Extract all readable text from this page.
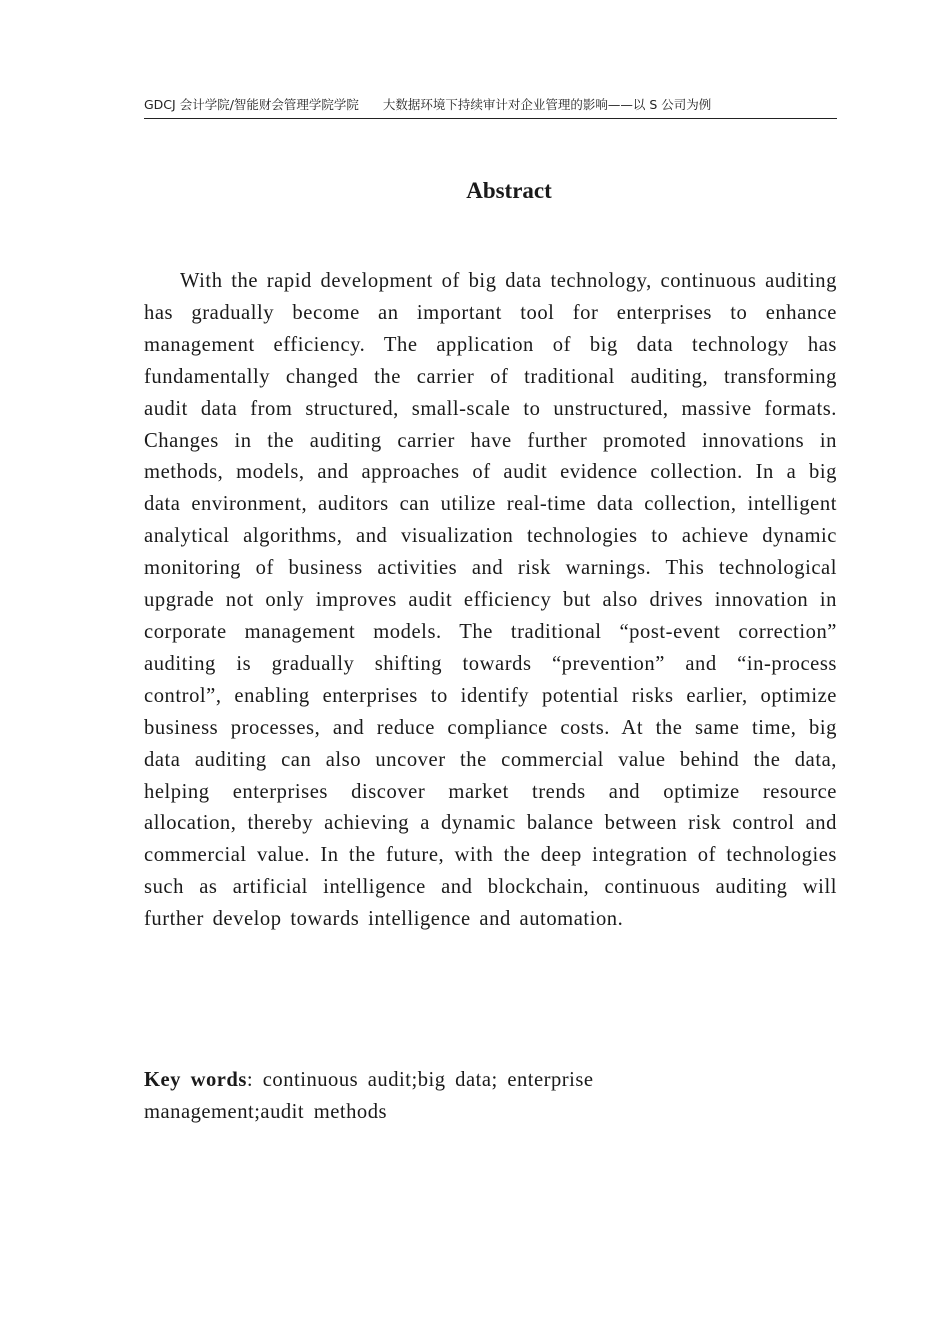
GDCJ 会计学院/智能财会管理学院学院 大数据环境下持续审计对企业管理的影响——以 S 公司为例
Abstract

With the rapid development of big data technology, continuous auditing has gradually become an important tool for enterprises to enhance management efficiency. The application of big data technology has fundamentally changed the carrier of traditional auditing, transforming audit data from structured, small-scale to unstructured, massive formats. Changes in the auditing carrier have further promoted innovations in methods, models, and approaches of audit evidence collection. In a big data environment, auditors can utilize real-time data collection, intelligent analytical algorithms, and visualization technologies to achieve dynamic monitoring of business activities and risk warnings. This technological upgrade not only improves audit efficiency but also drives innovation in corporate management models. The traditional “post-event correction” auditing is gradually shifting towards “prevention” and “in-process control”, enabling enterprises to identify potential risks earlier, optimize business processes, and reduce compliance costs. At the same time, big data auditing can also uncover the commercial value behind the data, helping enterprises discover market trends and optimize resource allocation, thereby achieving a dynamic balance between risk control and commercial value. In the future, with the deep integration of technologies such as artificial intelligence and blockchain, continuous auditing will further develop towards intelligence and automation.

Key words: continuous audit;big data; enterprise management;audit methods
